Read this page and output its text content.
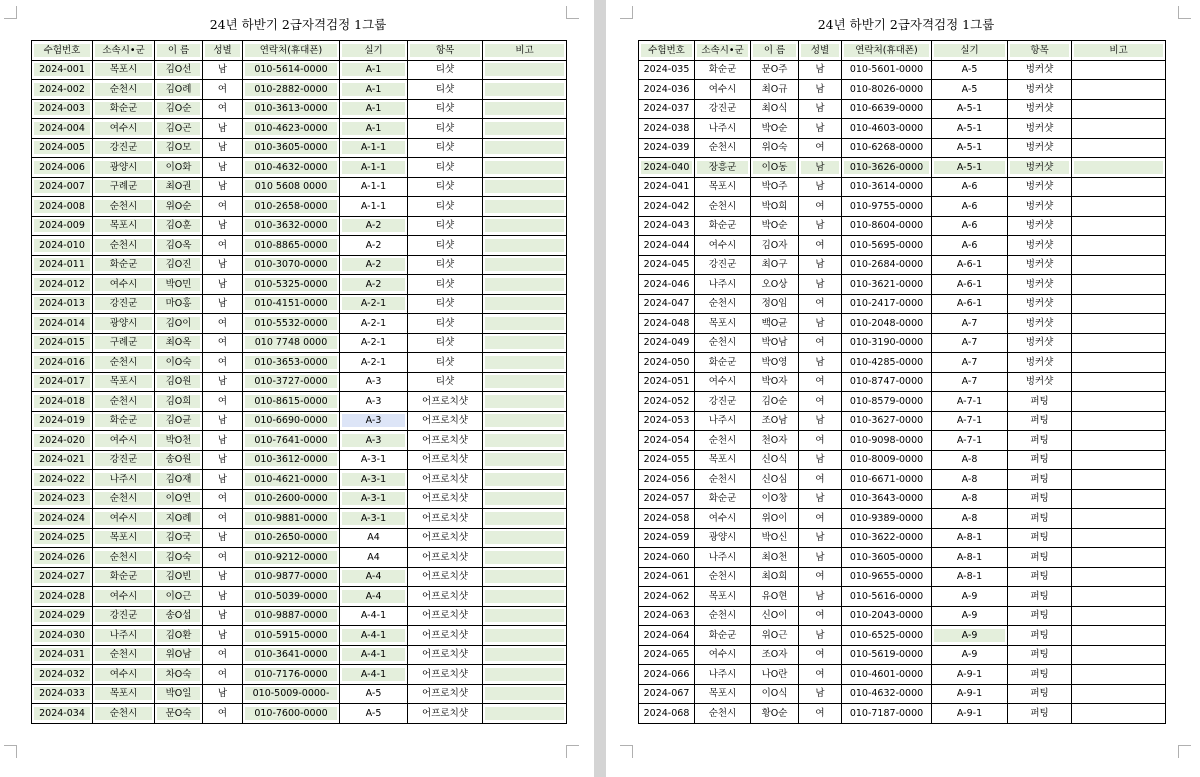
24년 하반기 2급자격검정 1그룹
수험번호	소속시•군	이 름	성별	연락처(휴대폰)	실기	항목	비고

2024-001	목포시	김O선	남	010-5614-0000	A-1	티샷	

2024-002	순천시	김O례	여	010-2882-0000	A-1	티샷	

2024-003	화순군	김O순	여	010-3613-0000	A-1	티샷	

2024-004	여수시	김O곤	남	010-4623-0000	A-1	티샷	

2024-005	강진군	김O모	남	010-3605-0000	A-1-1	티샷	

2024-006	광양시	이O화	남	010-4632-0000	A-1-1	티샷	

2024-007	구례군	최O권	남	010 5608 0000	A-1-1	티샷	

2024-008	순천시	위O순	여	010-2658-0000	A-1-1	티샷	

2024-009	목포시	김O훈	남	010-3632-0000	A-2	티샷	

2024-010	순천시	김O옥	여	010-8865-0000	A-2	티샷	

2024-011	화순군	김O진	남	010-3070-0000	A-2	티샷	

2024-012	여수시	박O민	남	010-5325-0000	A-2	티샷	

2024-013	강진군	마O홍	남	010-4151-0000	A-2-1	티샷	

2024-014	광양시	김O이	여	010-5532-0000	A-2-1	티샷	

2024-015	구례군	최O옥	여	010 7748 0000	A-2-1	티샷	

2024-016	순천시	이O숙	여	010-3653-0000	A-2-1	티샷	

2024-017	목포시	김O원	남	010-3727-0000	A-3	티샷	

2024-018	순천시	김O희	여	010-8615-0000	A-3	어프로치샷	

2024-019	화순군	김O균	남	010-6690-0000	A-3	어프로치샷	

2024-020	여수시	박O천	남	010-7641-0000	A-3	어프로치샷	

2024-021	강진군	송O원	남	010-3612-0000	A-3-1	어프로치샷	

2024-022	나주시	김O재	남	010-4621-0000	A-3-1	어프로치샷	

2024-023	순천시	이O연	여	010-2600-0000	A-3-1	어프로치샷	

2024-024	여수시	지O례	여	010-9881-0000	A-3-1	어프로치샷	

2024-025	목포시	김O국	남	010-2650-0000	A4	어프로치샷	

2024-026	순천시	김O숙	여	010-9212-0000	A4	어프로치샷	

2024-027	화순군	김O빈	남	010-9877-0000	A-4	어프로치샷	

2024-028	여수시	이O근	남	010-5039-0000	A-4	어프로치샷	

2024-029	강진군	송O섭	남	010-9887-0000	A-4-1	어프로치샷	

2024-030	나주시	김O환	남	010-5915-0000	A-4-1	어프로치샷	

2024-031	순천시	위O남	여	010-3641-0000	A-4-1	어프로치샷	

2024-032	여수시	차O숙	여	010-7176-0000	A-4-1	어프로치샷	

2024-033	목포시	박O일	남	010-5009-0000-	A-5	어프로치샷	

2024-034	순천시	문O숙	여	010-7600-0000	A-5	어프로치샷	

24년 하반기 2급자격검정 1그룹
수험번호	소속시•군	이 름	성별	연락처(휴대폰)	실기	항목	비고

2024-035	화순군	문O주	남	010-5601-0000	A-5	벙커샷	

2024-036	여수시	최O규	남	010-8026-0000	A-5	벙커샷	

2024-037	강진군	최O식	남	010-6639-0000	A-5-1	벙커샷	

2024-038	나주시	박O순	남	010-4603-0000	A-5-1	벙커샷	

2024-039	순천시	위O숙	여	010-6268-0000	A-5-1	벙커샷	

2024-040	장흥군	이O동	남	010-3626-0000	A-5-1	벙커샷	

2024-041	목포시	박O주	남	010-3614-0000	A-6	벙커샷	

2024-042	순천시	박O희	여	010-9755-0000	A-6	벙커샷	

2024-043	화순군	박O순	남	010-8604-0000	A-6	벙커샷	

2024-044	여수시	김O자	여	010-5695-0000	A-6	벙커샷	

2024-045	강진군	최O구	남	010-2684-0000	A-6-1	벙커샷	

2024-046	나주시	오O상	남	010-3621-0000	A-6-1	벙커샷	

2024-047	순천시	정O임	여	010-2417-0000	A-6-1	벙커샷	

2024-048	목포시	백O균	남	010-2048-0000	A-7	벙커샷	

2024-049	순천시	박O남	여	010-3190-0000	A-7	벙커샷	

2024-050	화순군	박O영	남	010-4285-0000	A-7	벙커샷	

2024-051	여수시	박O자	여	010-8747-0000	A-7	벙커샷	

2024-052	강진군	김O순	여	010-8579-0000	A-7-1	퍼팅	

2024-053	나주시	조O남	남	010-3627-0000	A-7-1	퍼팅	

2024-054	순천시	천O자	여	010-9098-0000	A-7-1	퍼팅	

2024-055	목포시	신O식	남	010-8009-0000	A-8	퍼팅	

2024-056	순천시	신O심	여	010-6671-0000	A-8	퍼팅	

2024-057	화순군	이O창	남	010-3643-0000	A-8	퍼팅	

2024-058	여수시	위O이	여	010-9389-0000	A-8	퍼팅	

2024-059	광양시	박O신	남	010-3622-0000	A-8-1	퍼팅	

2024-060	나주시	최O천	남	010-3605-0000	A-8-1	퍼팅	

2024-061	순천시	최O희	여	010-9655-0000	A-8-1	퍼팅	

2024-062	목포시	유O현	남	010-5616-0000	A-9	퍼팅	

2024-063	순천시	신O이	여	010-2043-0000	A-9	퍼팅	

2024-064	화순군	위O근	남	010-6525-0000	A-9	퍼팅	

2024-065	여수시	조O자	여	010-5619-0000	A-9	퍼팅	

2024-066	나주시	나O란	여	010-4601-0000	A-9-1	퍼팅	

2024-067	목포시	이O식	남	010-4632-0000	A-9-1	퍼팅	

2024-068	순천시	황O순	여	010-7187-0000	A-9-1	퍼팅	
